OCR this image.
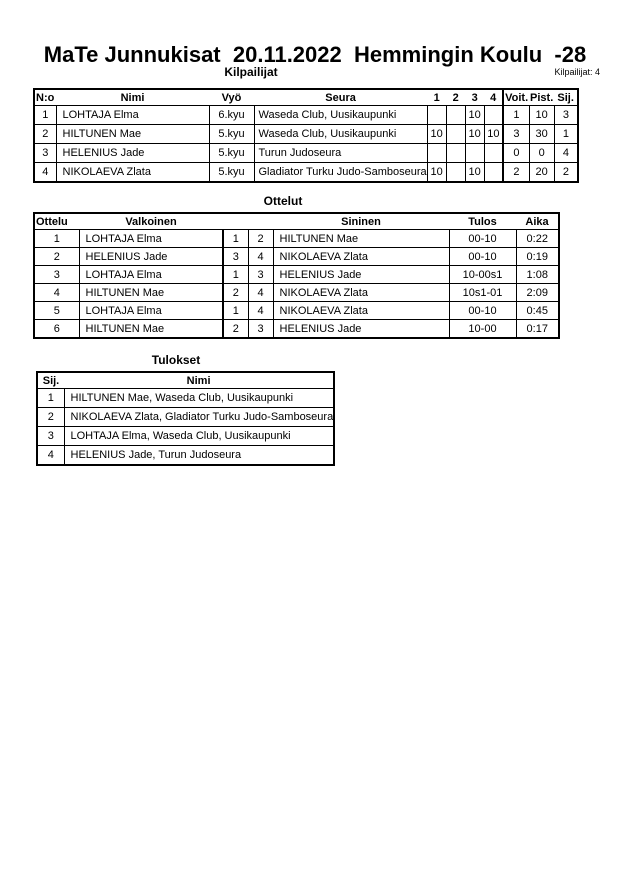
MaTe Junnukisat  20.11.2022  Hemmingin Koulu  -28
Kilpailijat	Kilpailijat: 4
N:o	Nimi	Vyö	Seura	1	2	3	4	Voit.	Pist.	Sij.
1	LOHTAJA Elma	6.kyu	Waseda Club, Uusikaupunki			10		1	10	3
2	HILTUNEN Mae	5.kyu	Waseda Club, Uusikaupunki	10		10	10	3	30	1
3	HELENIUS Jade	5.kyu	Turun Judoseura					0	0	4
4	NIKOLAEVA Zlata	5.kyu	Gladiator Turku Judo-Samboseura	10		10		2	20	2
Ottelut
Ottelu	Valkoinen			Sininen	Tulos	Aika
1	LOHTAJA Elma	1	2	HILTUNEN Mae	00-10	0:22
2	HELENIUS Jade	3	4	NIKOLAEVA Zlata	00-10	0:19
3	LOHTAJA Elma	1	3	HELENIUS Jade	10-00s1	1:08
4	HILTUNEN Mae	2	4	NIKOLAEVA Zlata	10s1-01	2:09
5	LOHTAJA Elma	1	4	NIKOLAEVA Zlata	00-10	0:45
6	HILTUNEN Mae	2	3	HELENIUS Jade	10-00	0:17
Tulokset
Sij.	Nimi
1	HILTUNEN Mae, Waseda Club, Uusikaupunki
2	NIKOLAEVA Zlata, Gladiator Turku Judo-Samboseura
3	LOHTAJA Elma, Waseda Club, Uusikaupunki
4	HELENIUS Jade, Turun Judoseura
